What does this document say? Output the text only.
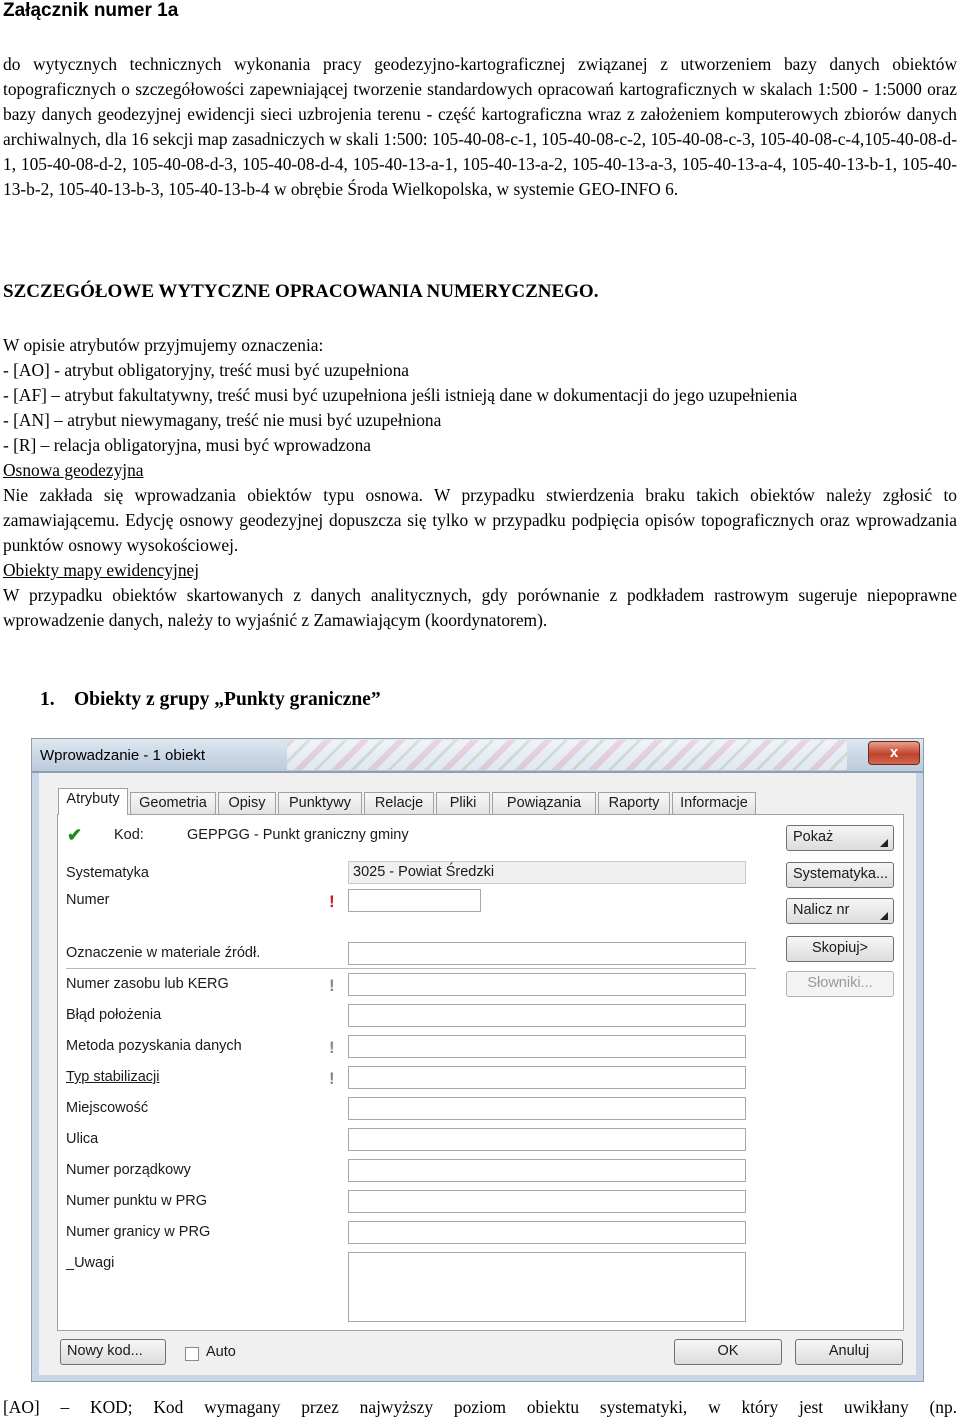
Załącznik numer 1a

do wytycznych technicznych wykonania pracy geodezyjno-kartograficznej związanej z utworzeniem bazy danych obiektów topograficznych o szczegółowości zapewniającej tworzenie standardowych opracowań kartograficznych w skalach 1:500 - 1:5000 oraz bazy danych geodezyjnej ewidencji sieci uzbrojenia terenu - część kartograficzna wraz z założeniem komputerowych zbiorów danych archiwalnych, dla 16 sekcji map zasadniczych w skali 1:500: 105-40-08-c-1, 105-40-08-c-2, 105-40-08-c-3, 105-40-08-c-4,105-40-08-d-1, 105-40-08-d-2, 105-40-08-d-3, 105-40-08-d-4, 105-40-13-a-1, 105-40-13-a-2, 105-40-13-a-3, 105-40-13-a-4, 105-40-13-b-1, 105-40-13-b-2, 105-40-13-b-3, 105-40-13-b-4 w obrębie Środa Wielkopolska, w systemie GEO-INFO 6.

SZCZEGÓŁOWE WYTYCZNE OPRACOWANIA NUMERYCZNEGO.

W opisie atrybutów przyjmujemy oznaczenia:

- [AO] - atrybut obligatoryjny, treść musi być uzupełniona

- [AF] – atrybut fakultatywny, treść musi być uzupełniona jeśli istnieją dane w dokumentacji do jego uzupełnienia

- [AN] – atrybut niewymagany, treść nie musi być uzupełniona

- [R] – relacja obligatoryjna, musi być wprowadzona

Osnowa geodezyjna

Nie zakłada się wprowadzania obiektów typu osnowa. W przypadku stwierdzenia braku takich obiektów należy zgłosić to zamawiającemu. Edycję osnowy geodezyjnej dopuszcza się tylko w przypadku podpięcia opisów topograficznych oraz wprowadzania punktów osnowy wysokościowej.

Obiekty mapy ewidencyjnej

W przypadku obiektów skartowanych z danych analitycznych, gdy porównanie z podkładem rastrowym sugeruje niepoprawne wprowadzenie danych, należy to wyjaśnić z Zamawiającym (koordynatorem).

1. Obiekty z grupy „Punkty graniczne”
Wprowadzanie - 1 obiekt	x
Atrybuty	Geometria	Opisy	Punktywy	Relacje	Pliki	Powiązania	Raporty	Informacje
✔ Kod:	GEPPGG - Punkt graniczny gminy
Systematyka	3025 - Powiat Średzki
Numer	!
Oznaczenie w materiale źródł.
Numer zasobu lub KERG	!
Błąd położenia
Metoda pozyskania danych	!
Typ stabilizacji	!
Miejscowość
Ulica
Numer porządkowy
Numer punktu w PRG
Numer granicy w PRG
_Uwagi
Pokaż
Systematyka...
Nalicz nr
Skopiuj>
Słowniki...
Nowy kod...	Auto	OK	Anuluj
[AO] – KOD; Kod wymagany przez najwyższy poziom obiektu systematyki, w który jest uwikłany (np.
